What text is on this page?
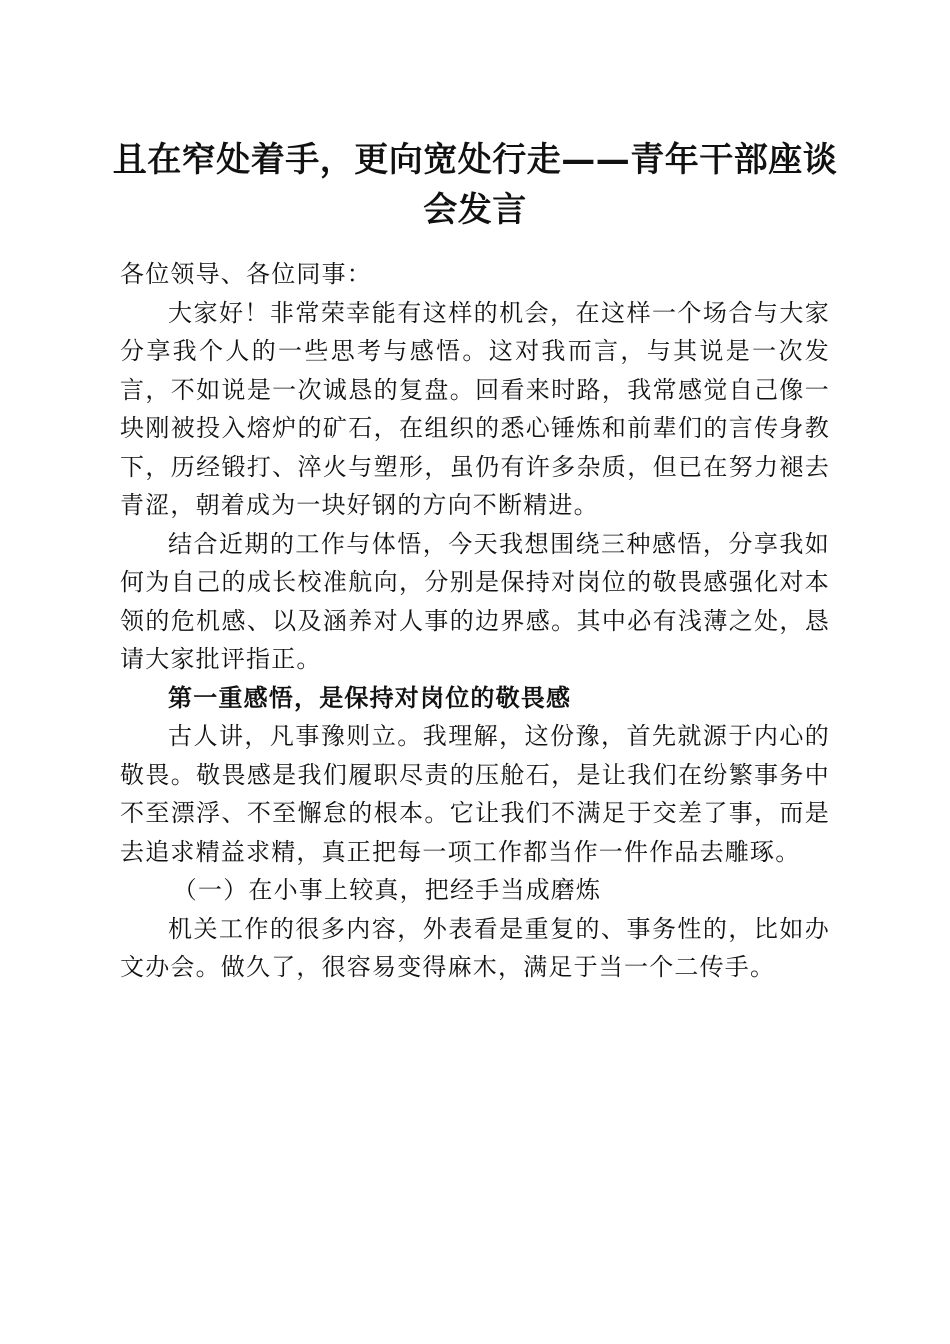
且在窄处着手，更向宽处行走——青年干部座谈会发言

各位领导、各位同事：

大家好！非常荣幸能有这样的机会，在这样一个场合与大家分享我个人的一些思考与感悟。这对我而言，与其说是一次发言，不如说是一次诚恳的复盘。回看来时路，我常感觉自己像一块刚被投入熔炉的矿石，在组织的悉心锤炼和前辈们的言传身教下，历经锻打、淬火与塑形，虽仍有许多杂质，但已在努力褪去青涩，朝着成为一块好钢的方向不断精进。

结合近期的工作与体悟，今天我想围绕三种感悟，分享我如何为自己的成长校准航向，分别是保持对岗位的敬畏感强化对本领的危机感、以及涵养对人事的边界感。其中必有浅薄之处，恳请大家批评指正。

第一重感悟，是保持对岗位的敬畏感

古人讲，凡事豫则立。我理解，这份豫，首先就源于内心的敬畏。敬畏感是我们履职尽责的压舱石，是让我们在纷繁事务中不至漂浮、不至懈怠的根本。它让我们不满足于交差了事，而是去追求精益求精，真正把每一项工作都当作一件作品去雕琢。

（一）在小事上较真，把经手当成磨炼

机关工作的很多内容，外表看是重复的、事务性的，比如办文办会。做久了，很容易变得麻木，满足于当一个二传手。
